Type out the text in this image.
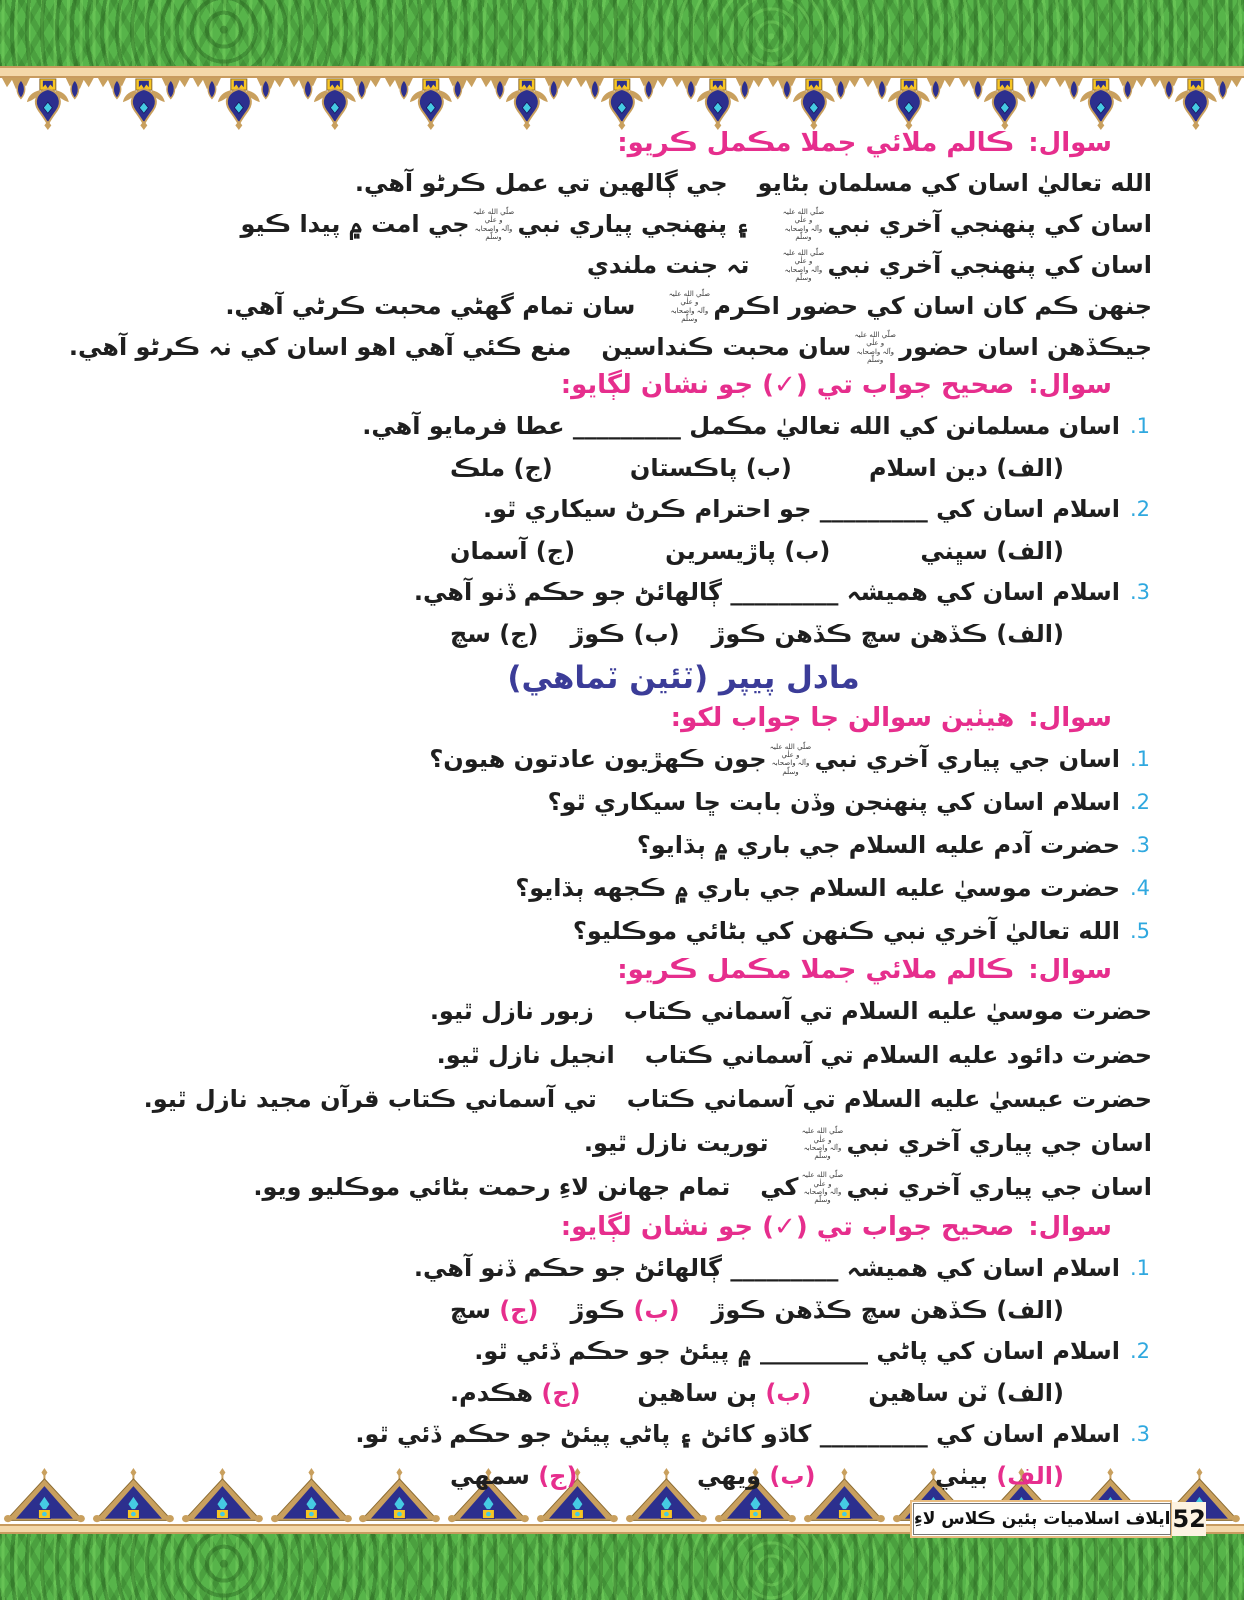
سوال:
ڪالم ملائي جملا مڪمل ڪريو:
الله تعاليٰ اسان کي مسلمان بڻايو
جي ڳالهين تي عمل ڪرڻو آهي.
اسان کي پنهنجي آخري نبي
صلّي الله عليہ و علٰي
وآلہ واصحابہ وسلّم
۽ پنهنجي پياري نبي
صلّي الله عليہ و علٰي
وآلہ واصحابہ وسلّم
جي امت ۾ پيدا ڪيو
اسان کي پنهنجي آخري نبي
صلّي الله عليہ و علٰي
وآلہ واصحابہ وسلّم
تہ جنت ملندي
جنهن ڪم کان اسان کي حضور اڪرم
صلّي الله عليہ و علٰي
وآلہ واصحابہ وسلّم
سان تمام گهڻي محبت ڪرڻي آهي.
جيڪڏهن اسان حضور
صلّي الله عليہ و علٰي
وآلہ واصحابہ وسلّم
سان محبت ڪنداسين
منع ڪئي آهي اهو اسان کي نہ ڪرڻو آهي.
سوال:
صحيح جواب تي (✓) جو نشان لڳايو:
1.
اسان مسلمانن کي الله تعاليٰ مڪمل _________ عطا فرمايو آهي.
(الف) دين اسلام
(ب) پاڪستان
(ج) ملڪ
2.
اسلام اسان کي _________ جو احترام ڪرڻ سيکاري ٿو.
(الف) سڀني
(ب) پاڙيسرين
(ج) آسمان
3.
اسلام اسان کي هميشہ _________ ڳالهائڻ جو حڪم ڏنو آهي.
(الف) ڪڏهن سچ ڪڏهن ڪوڙ
(ب) ڪوڙ
(ج) سچ
مادل پيپر (ٽئين ٽماهي)
سوال:
هيٺين سوالن جا جواب لکو:
1.
اسان جي پياري آخري نبي
صلّي الله عليہ و علٰي
وآلہ واصحابہ وسلّم
جون ڪهڙيون عادتون هيون؟
2.
اسلام اسان کي پنهنجن وڏن بابت ڇا سيکاري ٿو؟
3.
حضرت آدم عليه السلام جي باري ۾ ٻڌايو؟
4.
حضرت موسيٰ عليه السلام جي باري ۾ ڪجهه ٻڌايو؟
5.
الله تعاليٰ آخري نبي ڪنهن کي بڻائي موڪليو؟
سوال:
ڪالم ملائي جملا مڪمل ڪريو:
حضرت موسيٰ عليه السلام تي آسماني ڪتاب
زبور نازل ٿيو.
حضرت دائود عليه السلام تي آسماني ڪتاب
انجيل نازل ٿيو.
حضرت عيسيٰ عليه السلام تي آسماني ڪتاب
تي آسماني ڪتاب قرآن مجيد نازل ٿيو.
اسان جي پياري آخري نبي
صلّي الله عليہ و علٰي
وآلہ واصحابہ وسلّم
توريت نازل ٿيو.
اسان جي پياري آخري نبي
صلّي الله عليہ و علٰي
وآلہ واصحابہ وسلّم
کي
تمام جهانن لاءِ رحمت بڻائي موڪليو ويو.
سوال:
صحيح جواب تي (✓) جو نشان لڳايو:
1.
اسلام اسان کي هميشہ _________ ڳالهائڻ جو حڪم ڏنو آهي.
(الف) ڪڏهن سچ ڪڏهن ڪوڙ
(ب) ڪوڙ
(ج) سچ
2.
اسلام اسان کي پاڻي _________ ۾ پيئڻ جو حڪم ڏئي ٿو.
(الف) ٽن ساهين
(ب) ٻن ساهين
(ج) هڪدم.
3.
اسلام اسان کي _________ کاڌو کائڻ ۽ پاڻي پيئڻ جو حڪم ڏئي ٿو.
(الف) بيٺي
(ب) ويهي
(ج) سمهي
ايلاف اسلاميات ٻئين ڪلاس لاءِ 52
